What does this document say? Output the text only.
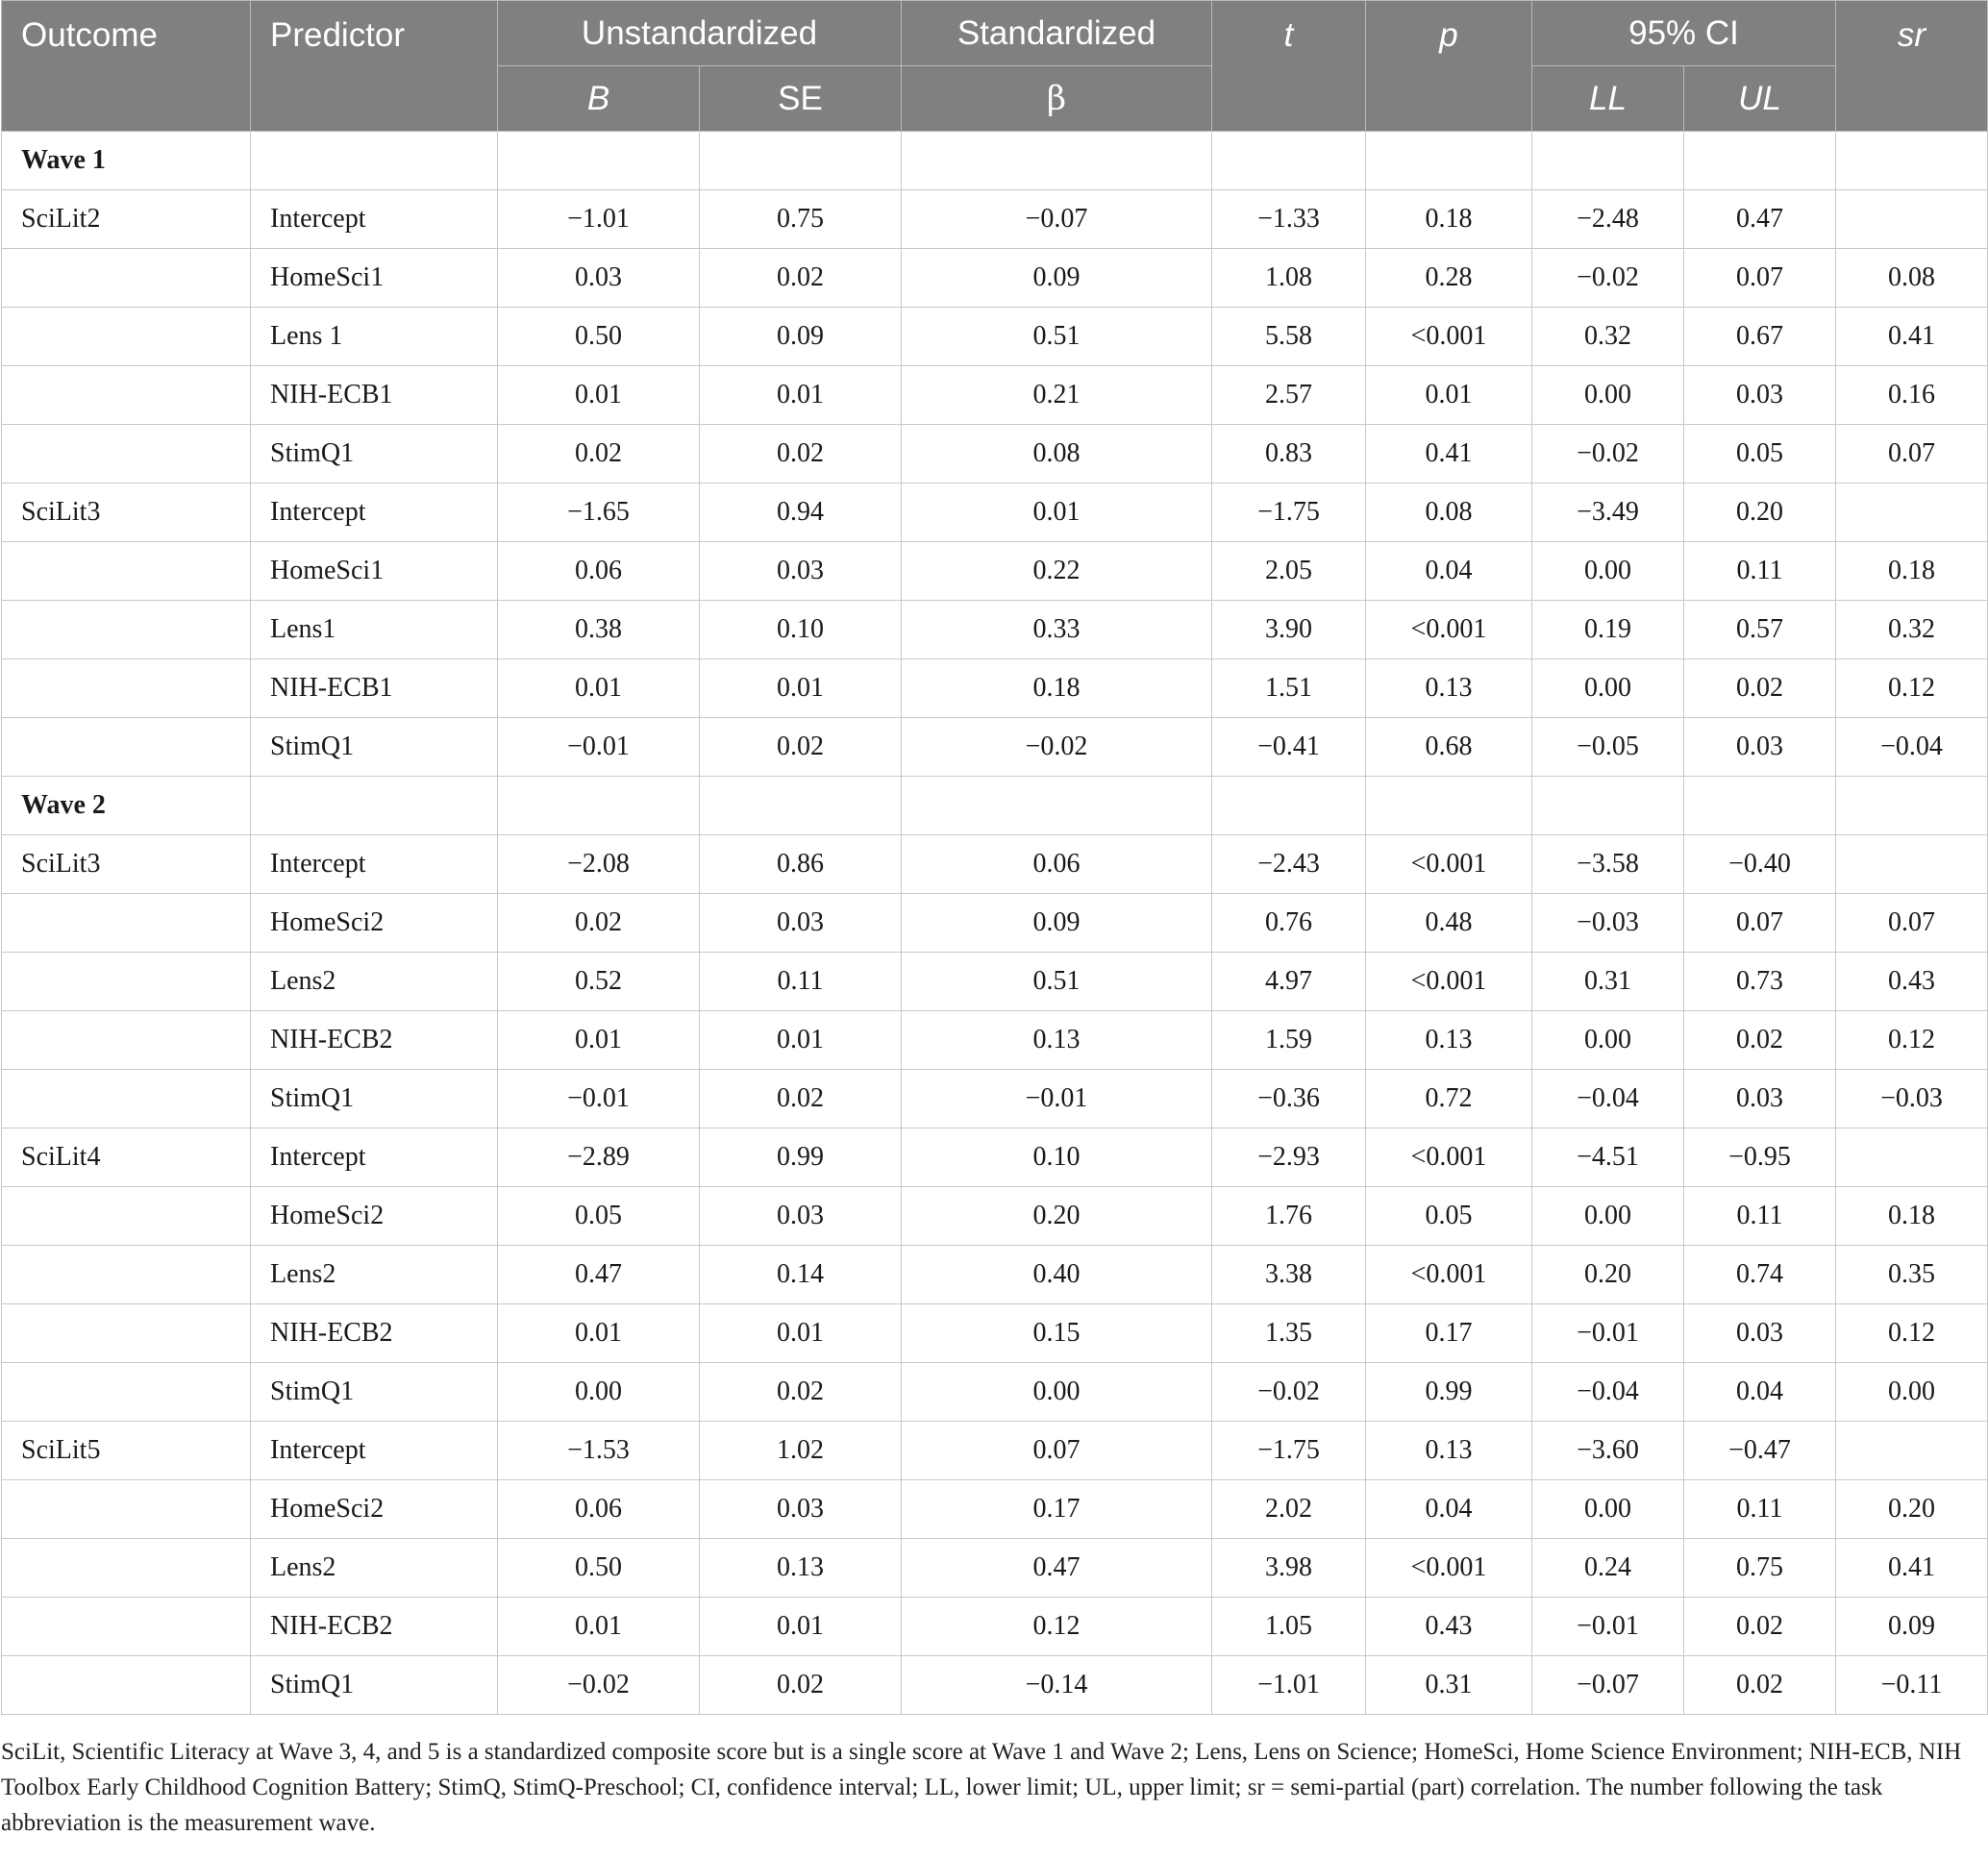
Outcome	Predictor	Unstandardized		Standardized	t	p	95% CI		sr
		B	SE	β			LL	UL	
Wave 1									
SciLit2	Intercept	−1.01	0.75	−0.07	−1.33	0.18	−2.48	0.47	
	HomeSci1	0.03	0.02	0.09	1.08	0.28	−0.02	0.07	0.08
	Lens 1	0.50	0.09	0.51	5.58	<0.001	0.32	0.67	0.41
	NIH-ECB1	0.01	0.01	0.21	2.57	0.01	0.00	0.03	0.16
	StimQ1	0.02	0.02	0.08	0.83	0.41	−0.02	0.05	0.07
SciLit3	Intercept	−1.65	0.94	0.01	−1.75	0.08	−3.49	0.20	
	HomeSci1	0.06	0.03	0.22	2.05	0.04	0.00	0.11	0.18
	Lens1	0.38	0.10	0.33	3.90	<0.001	0.19	0.57	0.32
	NIH-ECB1	0.01	0.01	0.18	1.51	0.13	0.00	0.02	0.12
	StimQ1	−0.01	0.02	−0.02	−0.41	0.68	−0.05	0.03	−0.04
Wave 2									
SciLit3	Intercept	−2.08	0.86	0.06	−2.43	<0.001	−3.58	−0.40	
	HomeSci2	0.02	0.03	0.09	0.76	0.48	−0.03	0.07	0.07
	Lens2	0.52	0.11	0.51	4.97	<0.001	0.31	0.73	0.43
	NIH-ECB2	0.01	0.01	0.13	1.59	0.13	0.00	0.02	0.12
	StimQ1	−0.01	0.02	−0.01	−0.36	0.72	−0.04	0.03	−0.03
SciLit4	Intercept	−2.89	0.99	0.10	−2.93	<0.001	−4.51	−0.95	
	HomeSci2	0.05	0.03	0.20	1.76	0.05	0.00	0.11	0.18
	Lens2	0.47	0.14	0.40	3.38	<0.001	0.20	0.74	0.35
	NIH-ECB2	0.01	0.01	0.15	1.35	0.17	−0.01	0.03	0.12
	StimQ1	0.00	0.02	0.00	−0.02	0.99	−0.04	0.04	0.00
SciLit5	Intercept	−1.53	1.02	0.07	−1.75	0.13	−3.60	−0.47	
	HomeSci2	0.06	0.03	0.17	2.02	0.04	0.00	0.11	0.20
	Lens2	0.50	0.13	0.47	3.98	<0.001	0.24	0.75	0.41
	NIH-ECB2	0.01	0.01	0.12	1.05	0.43	−0.01	0.02	0.09
	StimQ1	−0.02	0.02	−0.14	−1.01	0.31	−0.07	0.02	−0.11
SciLit, Scientific Literacy at Wave 3, 4, and 5 is a standardized composite score but is a single score at Wave 1 and Wave 2; Lens, Lens on Science; HomeSci, Home Science Environment; NIH-ECB, NIH Toolbox Early Childhood Cognition Battery; StimQ, StimQ-Preschool; CI, confidence interval; LL, lower limit; UL, upper limit; sr = semi-partial (part) correlation. The number following the task abbreviation is the measurement wave.
